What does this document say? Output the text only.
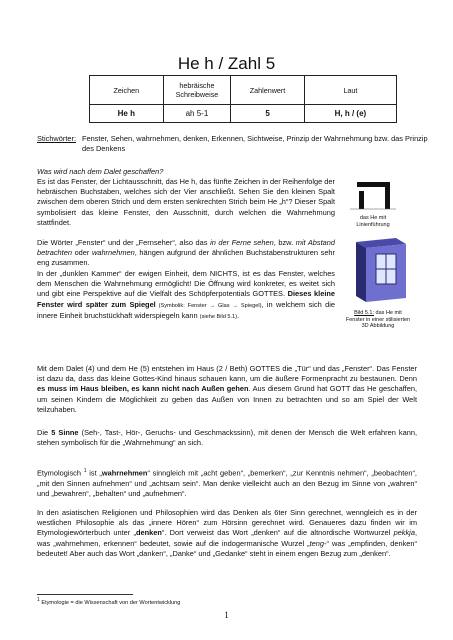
He h / Zahl 5
Zeichen	hebräische Schreibweise	Zahlenwert	Laut
He h	ah 5-1	5	H, h / (e)
Stichwörter: Fenster, Sehen, wahrnehmen, denken, Erkennen, Sichtweise, Prinzip der Wahrnehmung bzw. das Prinzip des Denkens
Was wird nach dem Dalet geschaffen?
Es ist das Fenster, der Lichtausschnitt, das He h, das fünfte Zeichen in der Reihenfolge der hebräischen Buchstaben, welches sich der Vier anschließt. Sehen Sie den kleinen Spalt zwischen dem oberen Strich und dem ersten senkrechten Strich beim He „h“? Dieser Spalt symbolisiert das kleine Fenster, den Ausschnitt, durch welchen die Wahrnehmung stattfindet.
Die Wörter „Fenster“ und der „Fernseher“, also das in der Ferne sehen, bzw. mit Abstand betrachten oder wahrnehmen, hängen aufgrund der ähnlichen Buchstabenstrukturen sehr eng zusammen.
In der „dunklen Kammer“ der ewigen Einheit, dem NICHTS, ist es das Fenster, welches dem Menschen die Wahrnehmung ermöglicht! Die Öffnung wird konkreter, es weitet sich und gibt eine Perspektive auf die Vielfalt des Schöpferpotentials GOTTES. Dieses kleine Fenster wird später zum Spiegel (Symbolik: Fenster → Glas → Spiegel), in welchem sich die innere Einheit bruchstückhaft widerspiegeln kann (siehe Bild 5.1).
das He mit Linienführung
Bild 5.1: das He mit Fenster in einer stilisierten 3D Abbildung
Mit dem Dalet (4) und dem He (5) entstehen im Haus (2 / Beth) GOTTES die „Tür“ und das „Fenster“. Das Fenster ist dazu da, dass das kleine Gottes-Kind hinaus schauen kann, um die äußere Formenpracht zu bestaunen. Denn es muss im Haus bleiben, es kann nicht nach Außen gehen. Aus diesem Grund hat GOTT das He geschaffen, um seinen Kindern die Möglichkeit zu geben das Außen von Innen zu betrachten und so am Spiel der Welt teilzuhaben.
Die 5 Sinne (Seh-, Tast-, Hör-, Geruchs- und Geschmackssinn), mit denen der Mensch die Welt erfahren kann, stehen symbolisch für die „Wahrnehmung“ an sich.
Etymologisch $^1$ ist „wahrnehmen“ sinngleich mit „acht geben“, „bemerken“, „zur Kenntnis nehmen“, „beobachten“, „mit den Sinnen aufnehmen“ und „achtsam sein“. Man denke vielleicht auch an den Bezug im Sinne von „wahren“ und „bewahren“, „behalten“ und „aufnehmen“.
In den asiatischen Religionen und Philosophien wird das Denken als 6ter Sinn gerechnet, wenngleich es in der westlichen Philosophie als das „innere Hören“ zum Hörsinn gerechnet wird. Genaueres dazu finden wir im Etymologiewörterbuch unter „denken“. Dort verweist das Wort „denken“ auf die altnordische Wortwurzel pekkja, was „wahrnehmen, erkennen“ bedeutet, sowie auf die indogermanische Wurzel „teng-“ was „empfinden, denken“ bedeutet! Aber auch das Wort „danken“, „Danke“ und „Gedanke“ steht in einem engen Bezug zum „denken“.
$^1$ Etymologie = die Wissenschaft von der Wortentwicklung
1
